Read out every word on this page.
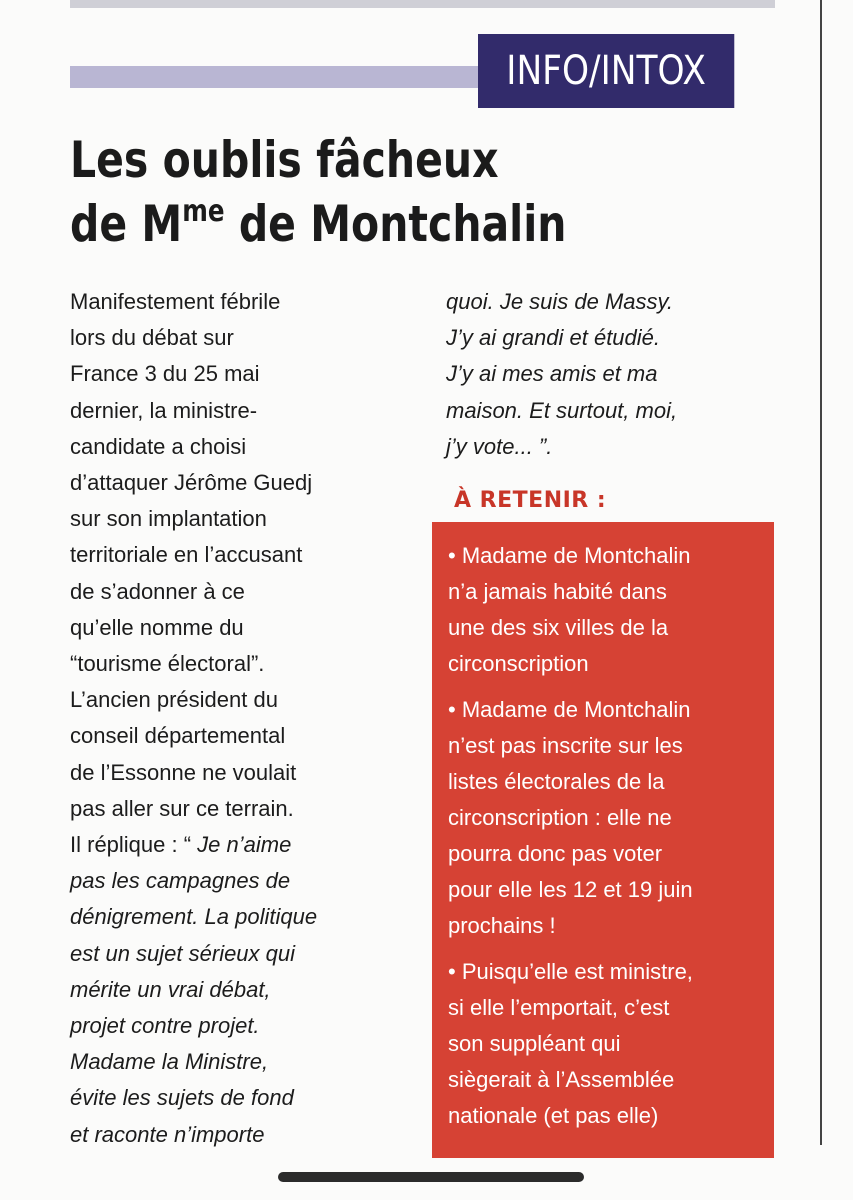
INFO/INTOX
Les oublis fâcheux
de $M^{me}$ de Montchalin

Manifestement fébrile

lors du débat sur

France 3 du 25 mai

dernier, la ministre-

candidate a choisi

d’attaquer Jérôme Guedj

sur son implantation

territoriale en l’accusant

de s’adonner à ce

qu’elle nomme du

“tourisme électoral”.

L’ancien président du

conseil départemental

de l’Essonne ne voulait

pas aller sur ce terrain.

Il réplique : “ Je n’aime

pas les campagnes de

dénigrement. La politique

est un sujet sérieux qui

mérite un vrai débat,

projet contre projet.

Madame la Ministre,

évite les sujets de fond

et raconte n’importe

quoi. Je suis de Massy.

J’y ai grandi et étudié.

J’y ai mes amis et ma

maison. Et surtout, moi,

j’y vote... ”.

À RETENIR :

• Madame de Montchalin
n’a jamais habité dans
une des six villes de la
circonscription
• Madame de Montchalin
n’est pas inscrite sur les
listes électorales de la
circonscription : elle ne
pourra donc pas voter
pour elle les 12 et 19 juin
prochains !
• Puisqu’elle est ministre,
si elle l’emportait, c’est
son suppléant qui
siègerait à l’Assemblée
nationale (et pas elle)
